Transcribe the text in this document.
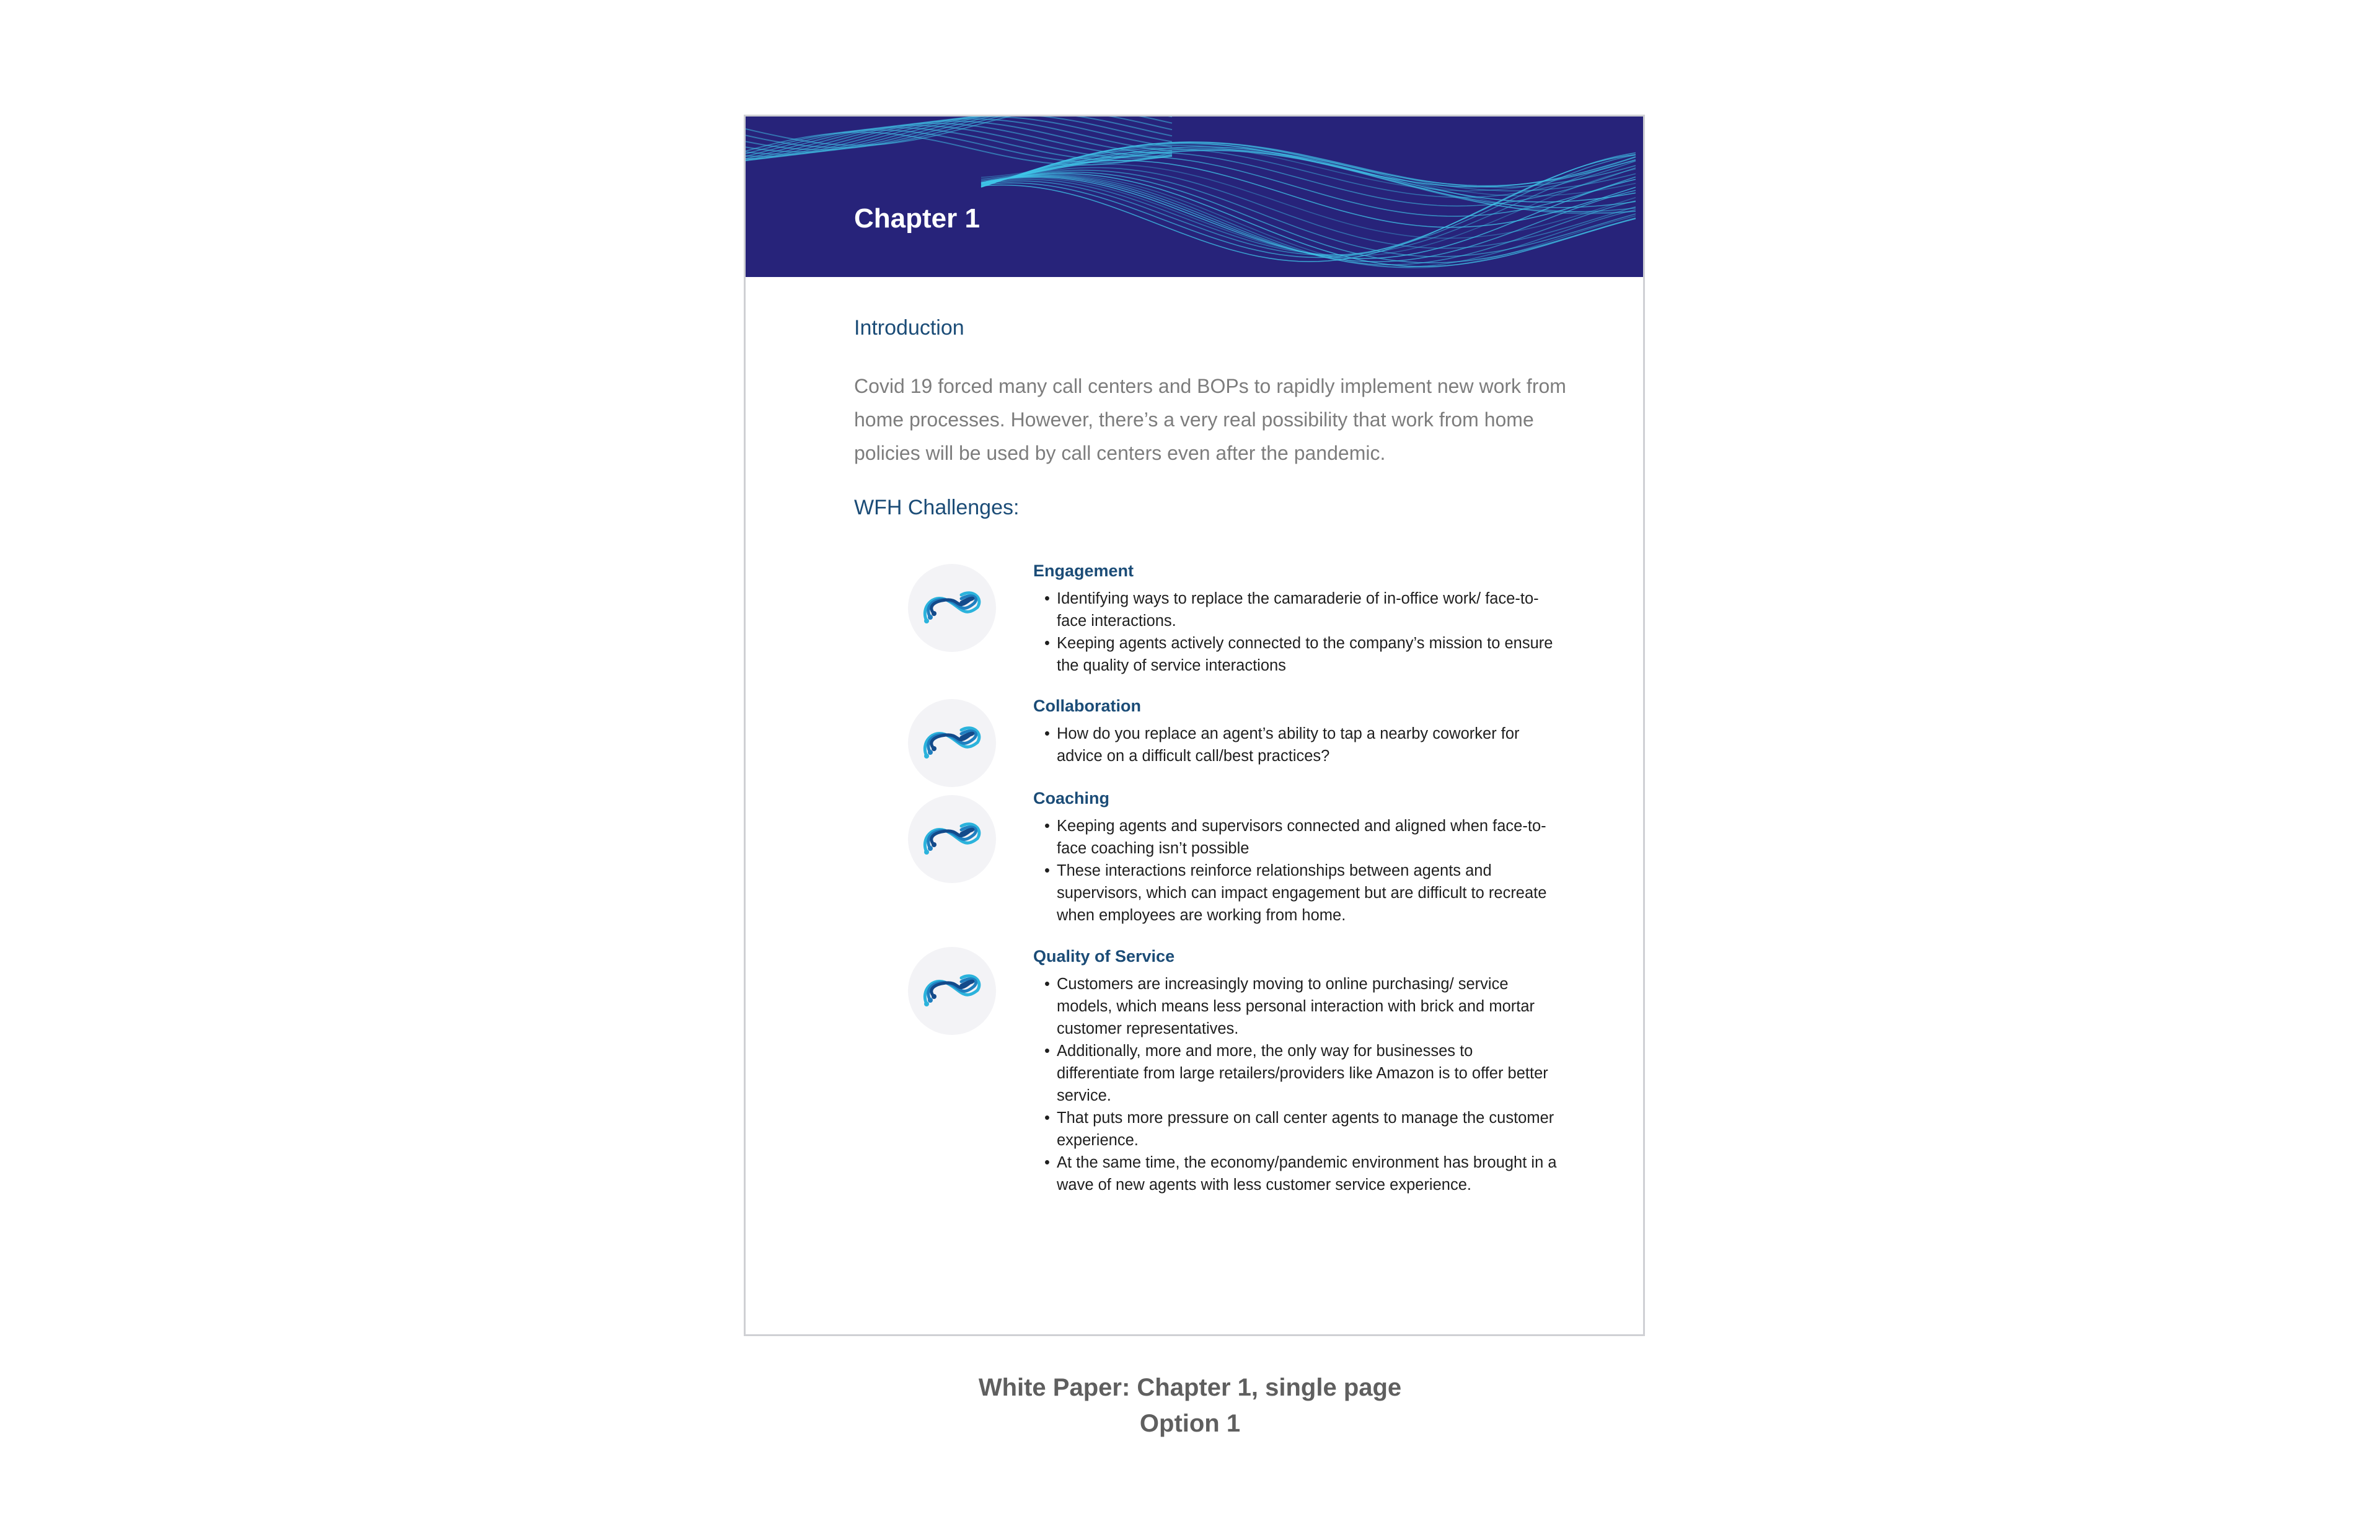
Chapter 1
Introduction

Covid 19 forced many call centers and BOPs to rapidly implement new work from home processes. However, there’s a very real possibility that work from home policies will be used by call centers even after the pandemic.

WFH Challenges:
Engagement
• Identifying ways to replace the camaraderie of in-office work/ face-to-face interactions.
• Keeping agents actively connected to the company’s mission to ensure the quality of service interactions
Collaboration
• How do you replace an agent’s ability to tap a nearby coworker for advice on a difficult call/best practices?
Coaching
• Keeping agents and supervisors connected and aligned when face-to-face coaching isn’t possible
• These interactions reinforce relationships between agents and supervisors, which can impact engagement but are difficult to recreate when employees are working from home.
Quality of Service
• Customers are increasingly moving to online purchasing/ service models, which means less personal interaction with brick and mortar customer representatives.
• Additionally, more and more, the only way for businesses to differentiate from large retailers/providers like Amazon is to offer better service.
• That puts more pressure on call center agents to manage the customer experience.
• At the same time, the economy/pandemic environment has brought in a wave of new agents with less customer service experience.

White Paper: Chapter 1, single page

Option 1
